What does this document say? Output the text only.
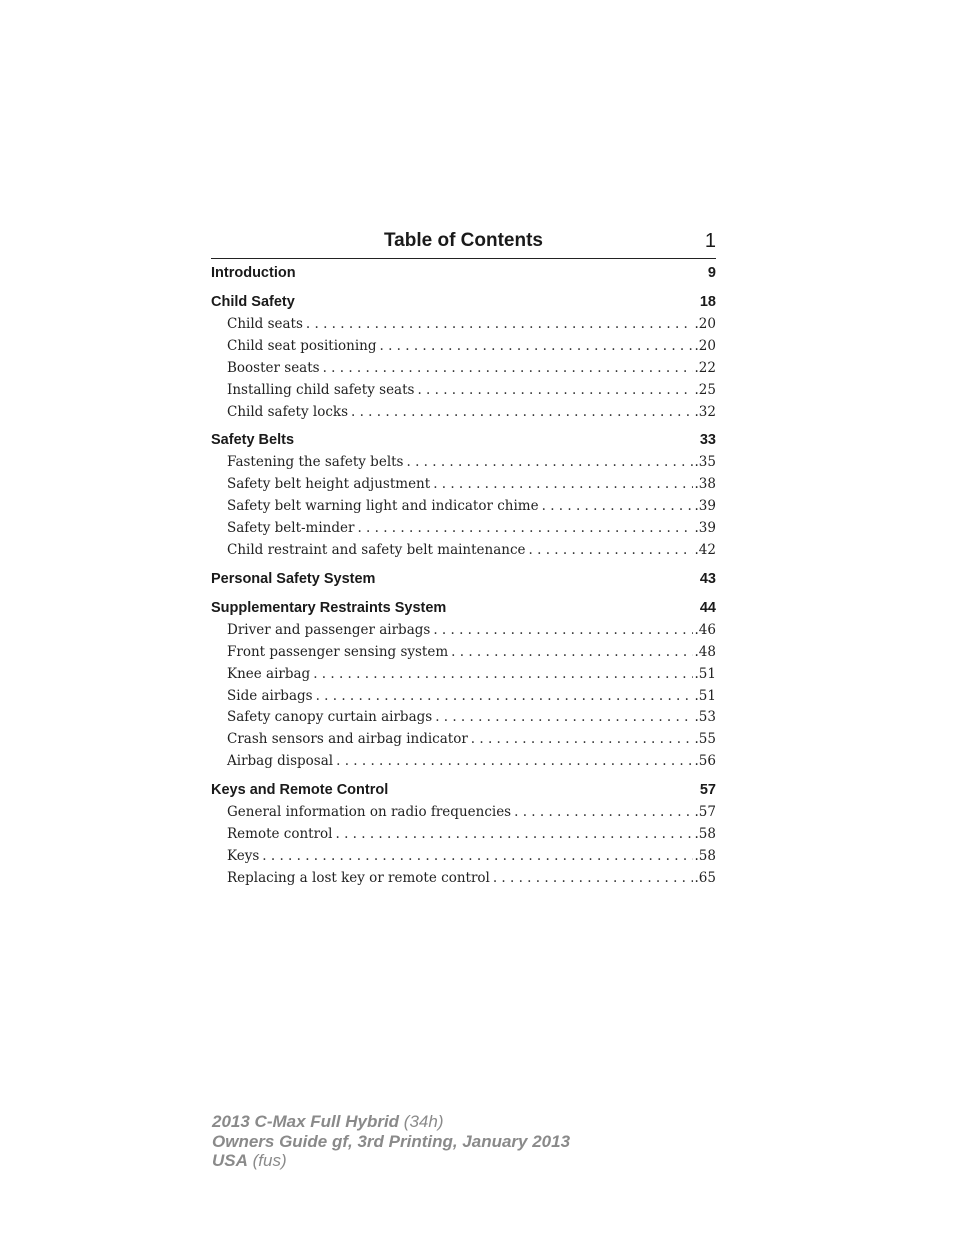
Table of Contents	1
Introduction	9
Child Safety	18
Child seats . . .	.20
Child seat positioning . . .	.20
Booster seats . . .	.22
Installing child safety seats . . .	.25
Child safety locks . . .	.32
Safety Belts	33
Fastening the safety belts . . .	.35
Safety belt height adjustment . . .	.38
Safety belt warning light and indicator chime . . .	.39
Safety belt-minder . . .	.39
Child restraint and safety belt maintenance . . .	.42
Personal Safety System	43
Supplementary Restraints System	44
Driver and passenger airbags . . .	.46
Front passenger sensing system . . .	.48
Knee airbag . . .	.51
Side airbags . . .	.51
Safety canopy curtain airbags . . .	.53
Crash sensors and airbag indicator . . .	.55
Airbag disposal . . .	.56
Keys and Remote Control	57
General information on radio frequencies . . .	.57
Remote control . . .	.58
Keys . . .	.58
Replacing a lost key or remote control . . .	.65
2013 C-Max Full Hybrid (34h)
Owners Guide gf, 3rd Printing, January 2013
USA (fus)
